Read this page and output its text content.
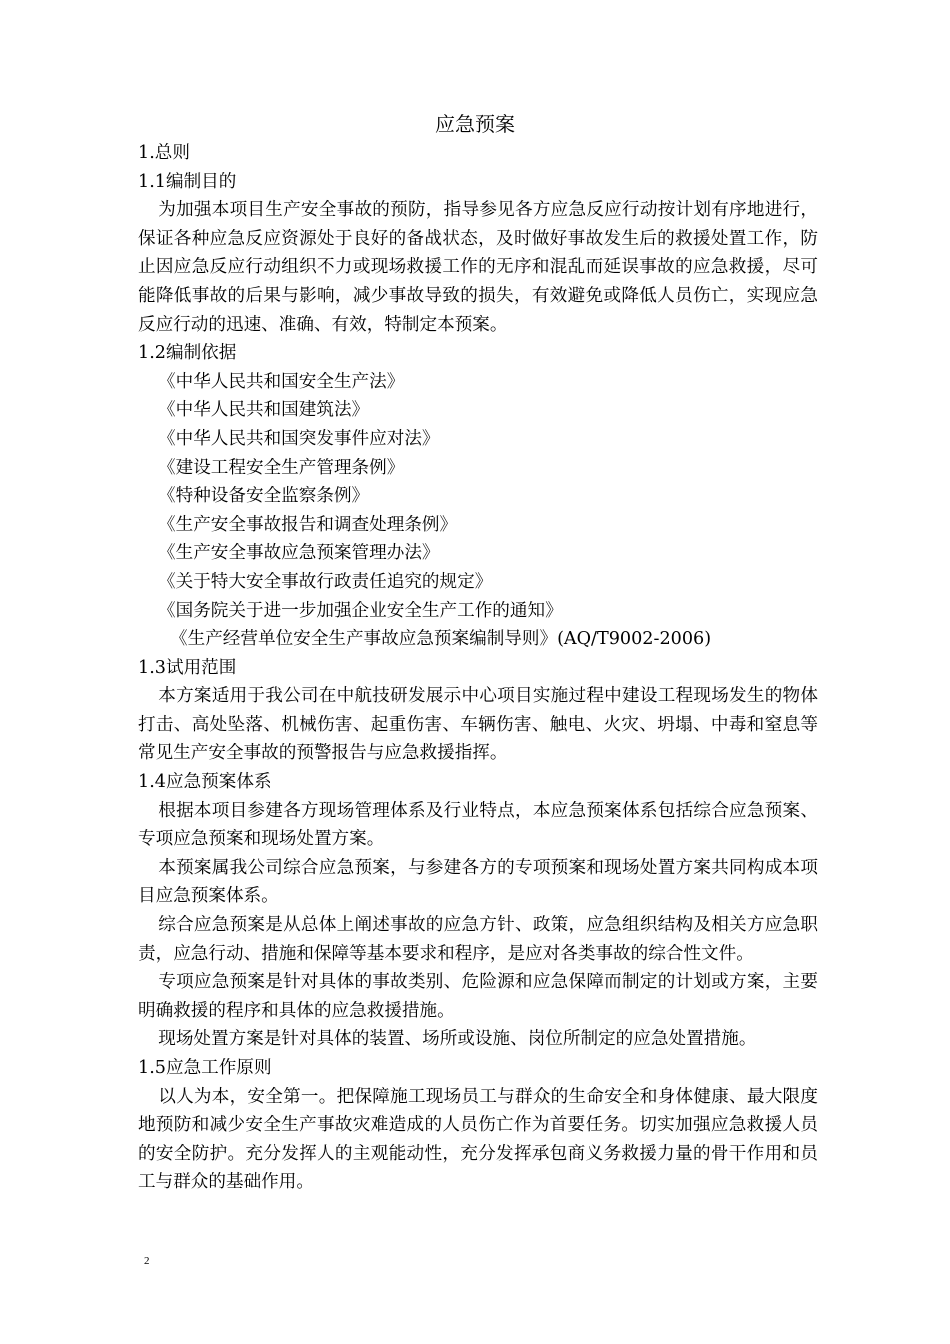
应急预案

1.总则

1.1编制目的

为加强本项目生产安全事故的预防，指导参见各方应急反应行动按计划有序地进行，保证各种应急反应资源处于良好的备战状态，及时做好事故发生后的救援处置工作，防止因应急反应行动组织不力或现场救援工作的无序和混乱而延误事故的应急救援，尽可能降低事故的后果与影响，减少事故导致的损失，有效避免或降低人员伤亡，实现应急反应行动的迅速、准确、有效，特制定本预案。

1.2编制依据

《中华人民共和国安全生产法》

《中华人民共和国建筑法》

《中华人民共和国突发事件应对法》

《建设工程安全生产管理条例》

《特种设备安全监察条例》

《生产安全事故报告和调查处理条例》

《生产安全事故应急预案管理办法》

《关于特大安全事故行政责任追究的规定》

《国务院关于进一步加强企业安全生产工作的通知》

《生产经营单位安全生产事故应急预案编制导则》(AQ/T9002-2006)

1.3试用范围

本方案适用于我公司在中航技研发展示中心项目实施过程中建设工程现场发生的物体打击、高处坠落、机械伤害、起重伤害、车辆伤害、触电、火灾、坍塌、中毒和窒息等常见生产安全事故的预警报告与应急救援指挥。

1.4应急预案体系

根据本项目参建各方现场管理体系及行业特点，本应急预案体系包括综合应急预案、专项应急预案和现场处置方案。

本预案属我公司综合应急预案，与参建各方的专项预案和现场处置方案共同构成本项目应急预案体系。

综合应急预案是从总体上阐述事故的应急方针、政策，应急组织结构及相关方应急职责，应急行动、措施和保障等基本要求和程序，是应对各类事故的综合性文件。

专项应急预案是针对具体的事故类别、危险源和应急保障而制定的计划或方案，主要明确救援的程序和具体的应急救援措施。

现场处置方案是针对具体的装置、场所或设施、岗位所制定的应急处置措施。

1.5应急工作原则

以人为本，安全第一。把保障施工现场员工与群众的生命安全和身体健康、最大限度地预防和减少安全生产事故灾难造成的人员伤亡作为首要任务。切实加强应急救援人员的安全防护。充分发挥人的主观能动性，充分发挥承包商义务救援力量的骨干作用和员工与群众的基础作用。

2
